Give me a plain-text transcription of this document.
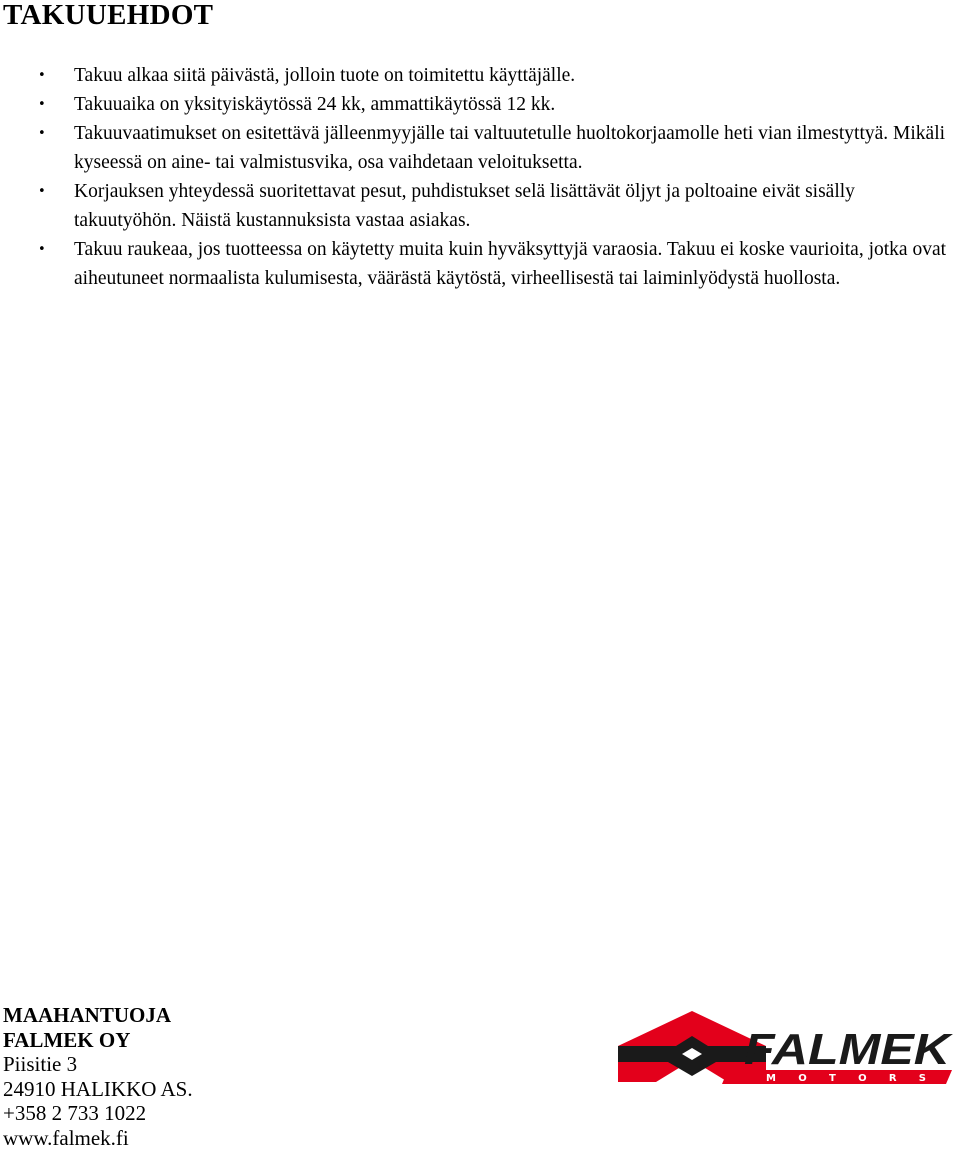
TAKUUEHDOT
• Takuu alkaa siitä päivästä, jolloin tuote on toimitettu käyttäjälle.
• Takuuaika on yksityiskäytössä 24 kk, ammattikäytössä 12 kk.
• Takuuvaatimukset on esitettävä jälleenmyyjälle tai valtuutetulle huoltokorjaamolle heti vian ilmestyttyä. Mikäli kyseessä on aine- tai valmistusvika, osa vaihdetaan veloituksetta.
• Korjauksen yhteydessä suoritettavat pesut, puhdistukset selä lisättävät öljyt ja poltoaine eivät sisälly takuutyöhön. Näistä kustannuksista vastaa asiakas.
• Takuu raukeaa, jos tuotteessa on käytetty muita kuin hyväksyttyjä varaosia. Takuu ei koske vaurioita, jotka ovat aiheutuneet normaalista kulumisesta, väärästä käytöstä, virheellisestä tai laiminlyödystä huollosta.
MAAHANTUOJA
FALMEK OY
Piisitie 3
24910 HALIKKO AS.
+358 2 733 1022
www.falmek.fi
FALMEK
MOTORS
